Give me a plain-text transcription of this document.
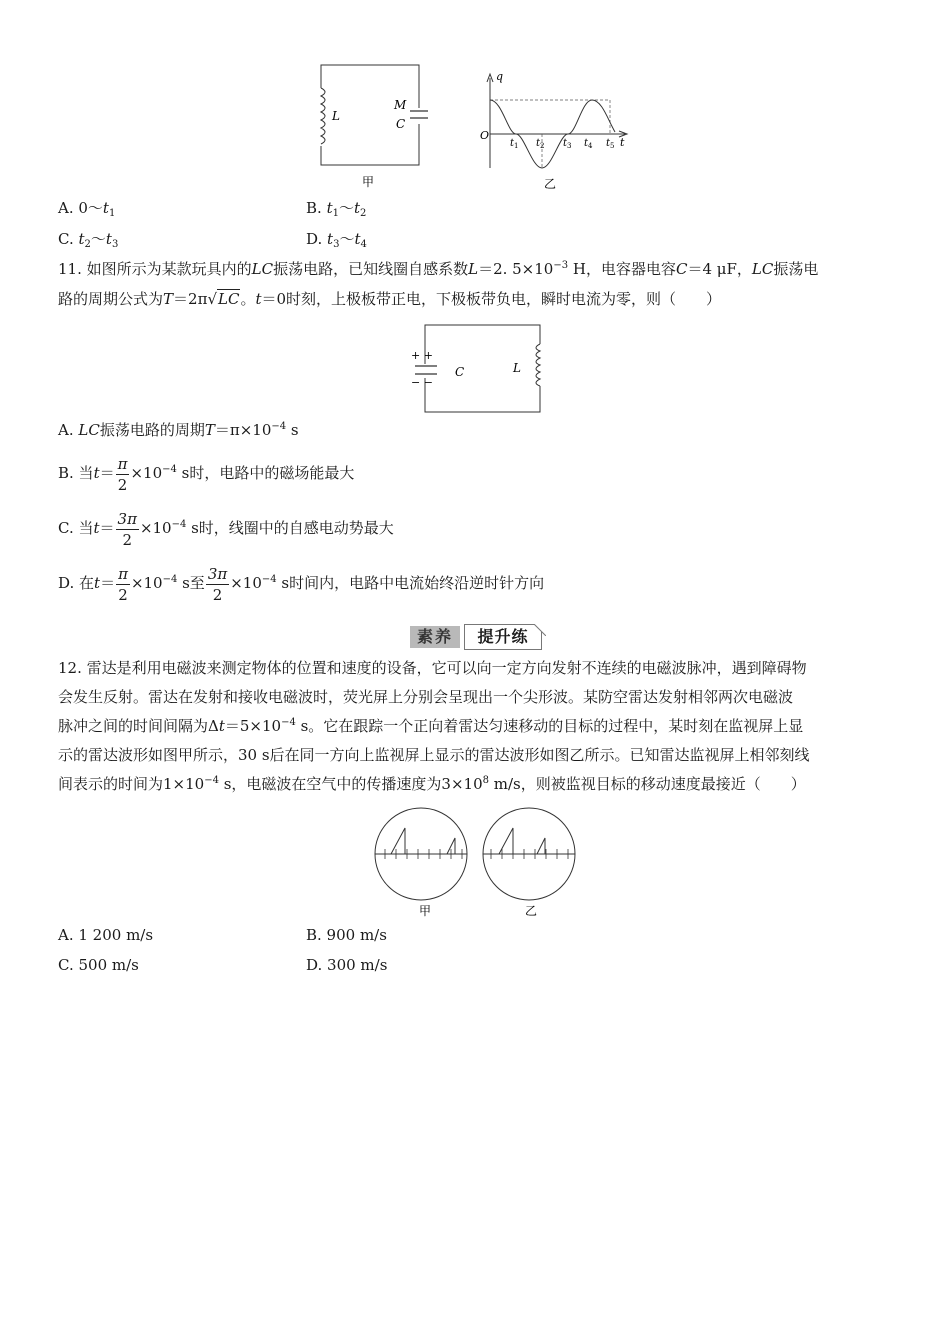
L
M
C
甲
q
O
t
$t_1$ $t_2$ $t_3$ $t_4$ $t_5$
乙
A. $0\sim t_1$	B. $t_1\sim t_2$
C. $t_2\sim t_3$	D. $t_3\sim t_4$
11. 如图所示为某款玩具内的LC振荡电路，已知线圈自感系数L＝2. $5\times 10^{-3}$ H，电容器电容C＝4 μF，LC振荡电
路的周期公式为T＝2π√LC。t＝0时刻，上极板带正电，下极板带负电，瞬时电流为零，则（　　）
+ +
− −
C	L
A. LC振荡电路的周期$T=\pi\times 10^{-4}$ s
B. 当$t= \frac{\pi}{2} \times 10^{-4}$ s时，电路中的磁场能最大
C. 当$t= \frac{3\pi}{2} \times 10^{-4}$ s时，线圈中的自感电动势最大
D. 在$t= \frac{\pi}{2} \times 10^{-4}$ s至 $\frac{3\pi}{2} \times 10^{-4}$ s时间内，电路中电流始终沿逆时针方向
素养	提升练
12. 雷达是利用电磁波来测定物体的位置和速度的设备，它可以向一定方向发射不连续的电磁波脉冲，遇到障碍物
会发生反射。雷达在发射和接收电磁波时，荧光屏上分别会呈现出一个尖形波。某防空雷达发射相邻两次电磁波
脉冲之间的时间间隔为$\Delta t=5\times 10^{-4}$ s。它在跟踪一个正向着雷达匀速移动的目标的过程中，某时刻在监视屏上显
示的雷达波形如图甲所示，30 s后在同一方向上监视屏上显示的雷达波形如图乙所示。已知雷达监视屏上相邻刻线
间表示的时间为$1\times 10^{-4}$ s，电磁波在空气中的传播速度为$3\times 10^8$ m/s，则被监视目标的移动速度最接近（　　）
甲	乙
A. 1 200 m/s	B. 900 m/s
C. 500 m/s	D. 300 m/s
